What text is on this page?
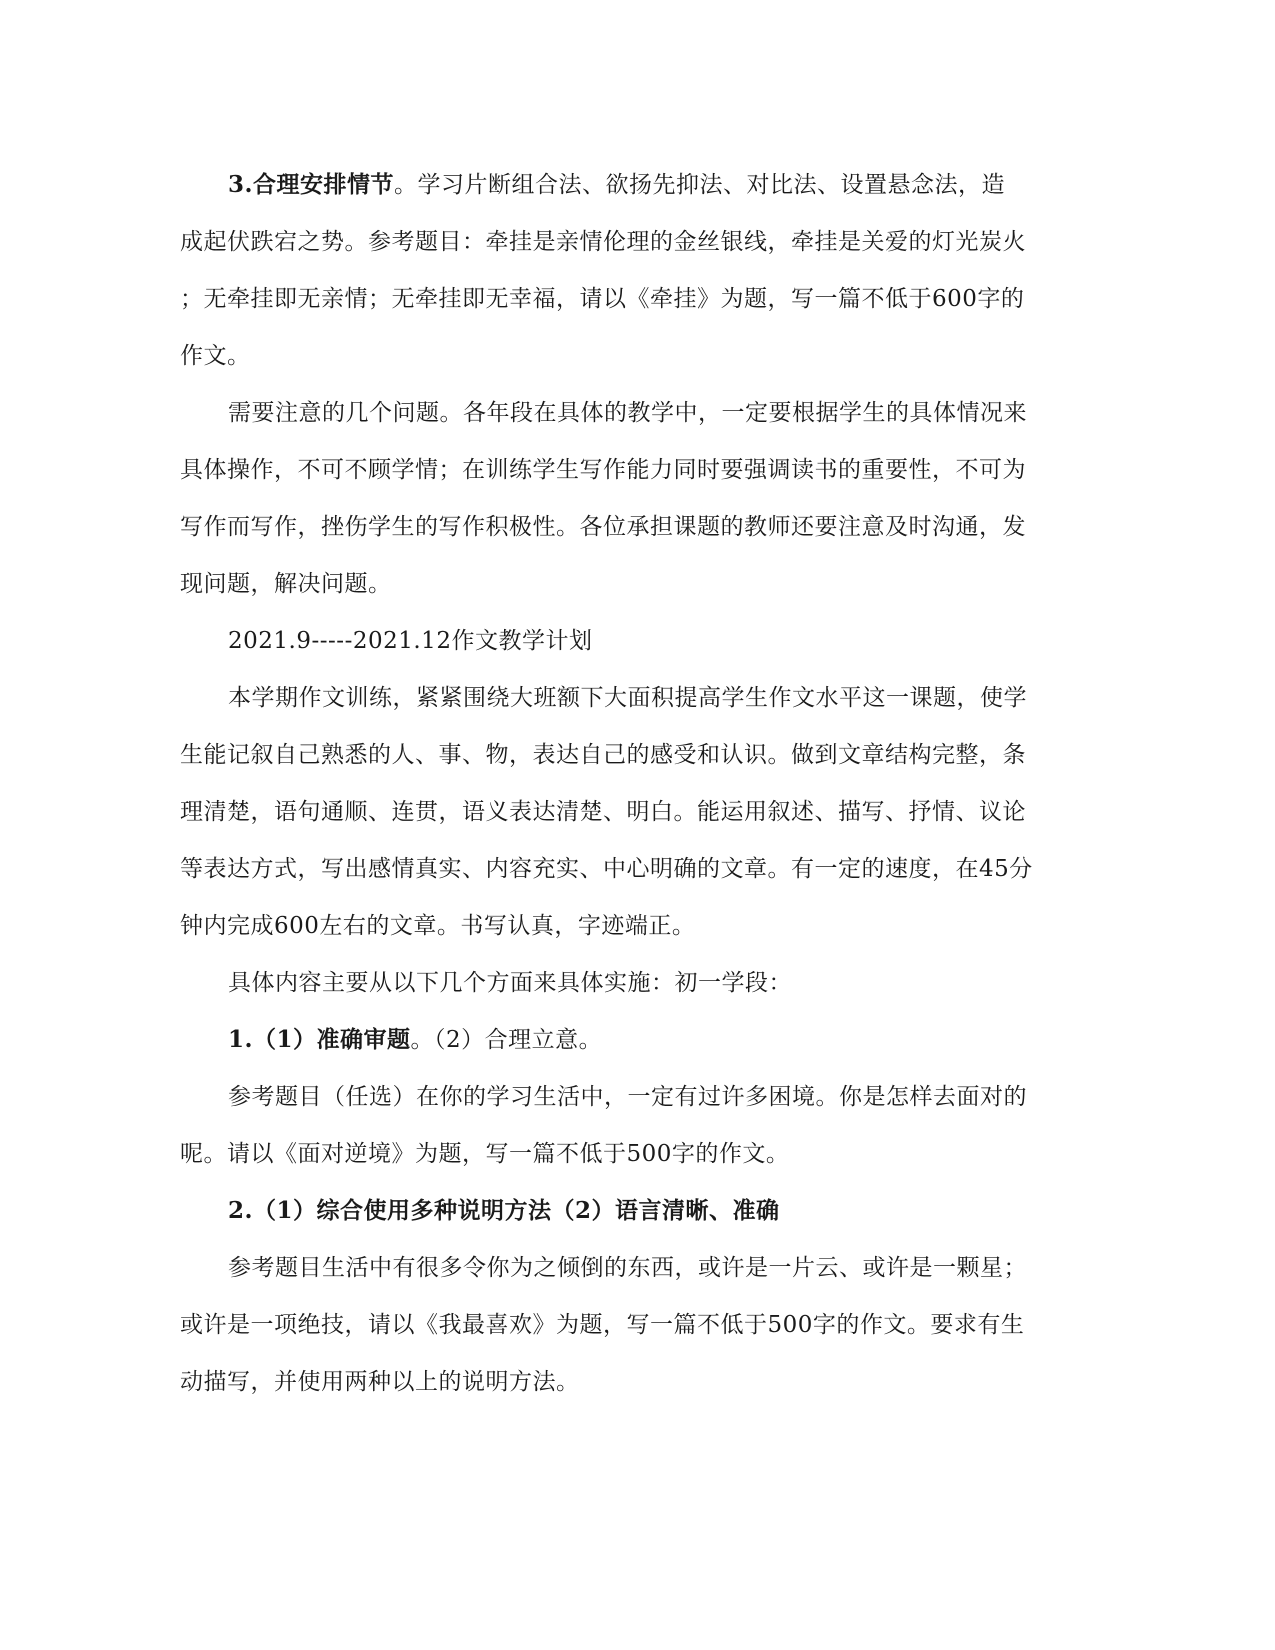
3.合理安排情节。学习片断组合法、欲扬先抑法、对比法、设置悬念法，造
成起伏跌宕之势。参考题目：牵挂是亲情伦理的金丝银线，牵挂是关爱的灯光炭火
；无牵挂即无亲情；无牵挂即无幸福，请以《牵挂》为题，写一篇不低于600字的
作文。
需要注意的几个问题。各年段在具体的教学中，一定要根据学生的具体情况来
具体操作，不可不顾学情；在训练学生写作能力同时要强调读书的重要性，不可为
写作而写作，挫伤学生的写作积极性。各位承担课题的教师还要注意及时沟通，发
现问题，解决问题。
2021.9-----2021.12作文教学计划
本学期作文训练，紧紧围绕大班额下大面积提高学生作文水平这一课题，使学
生能记叙自己熟悉的人、事、物，表达自己的感受和认识。做到文章结构完整，条
理清楚，语句通顺、连贯，语义表达清楚、明白。能运用叙述、描写、抒情、议论
等表达方式，写出感情真实、内容充实、中心明确的文章。有一定的速度，在45分
钟内完成600左右的文章。书写认真，字迹端正。
具体内容主要从以下几个方面来具体实施：初一学段：
1.（1）准确审题。（2）合理立意。
参考题目（任选）在你的学习生活中，一定有过许多困境。你是怎样去面对的
呢。请以《面对逆境》为题，写一篇不低于500字的作文。
2.（1）综合使用多种说明方法（2）语言清晰、准确
参考题目生活中有很多令你为之倾倒的东西，或许是一片云、或许是一颗星；
或许是一项绝技，请以《我最喜欢》为题，写一篇不低于500字的作文。要求有生
动描写，并使用两种以上的说明方法。
